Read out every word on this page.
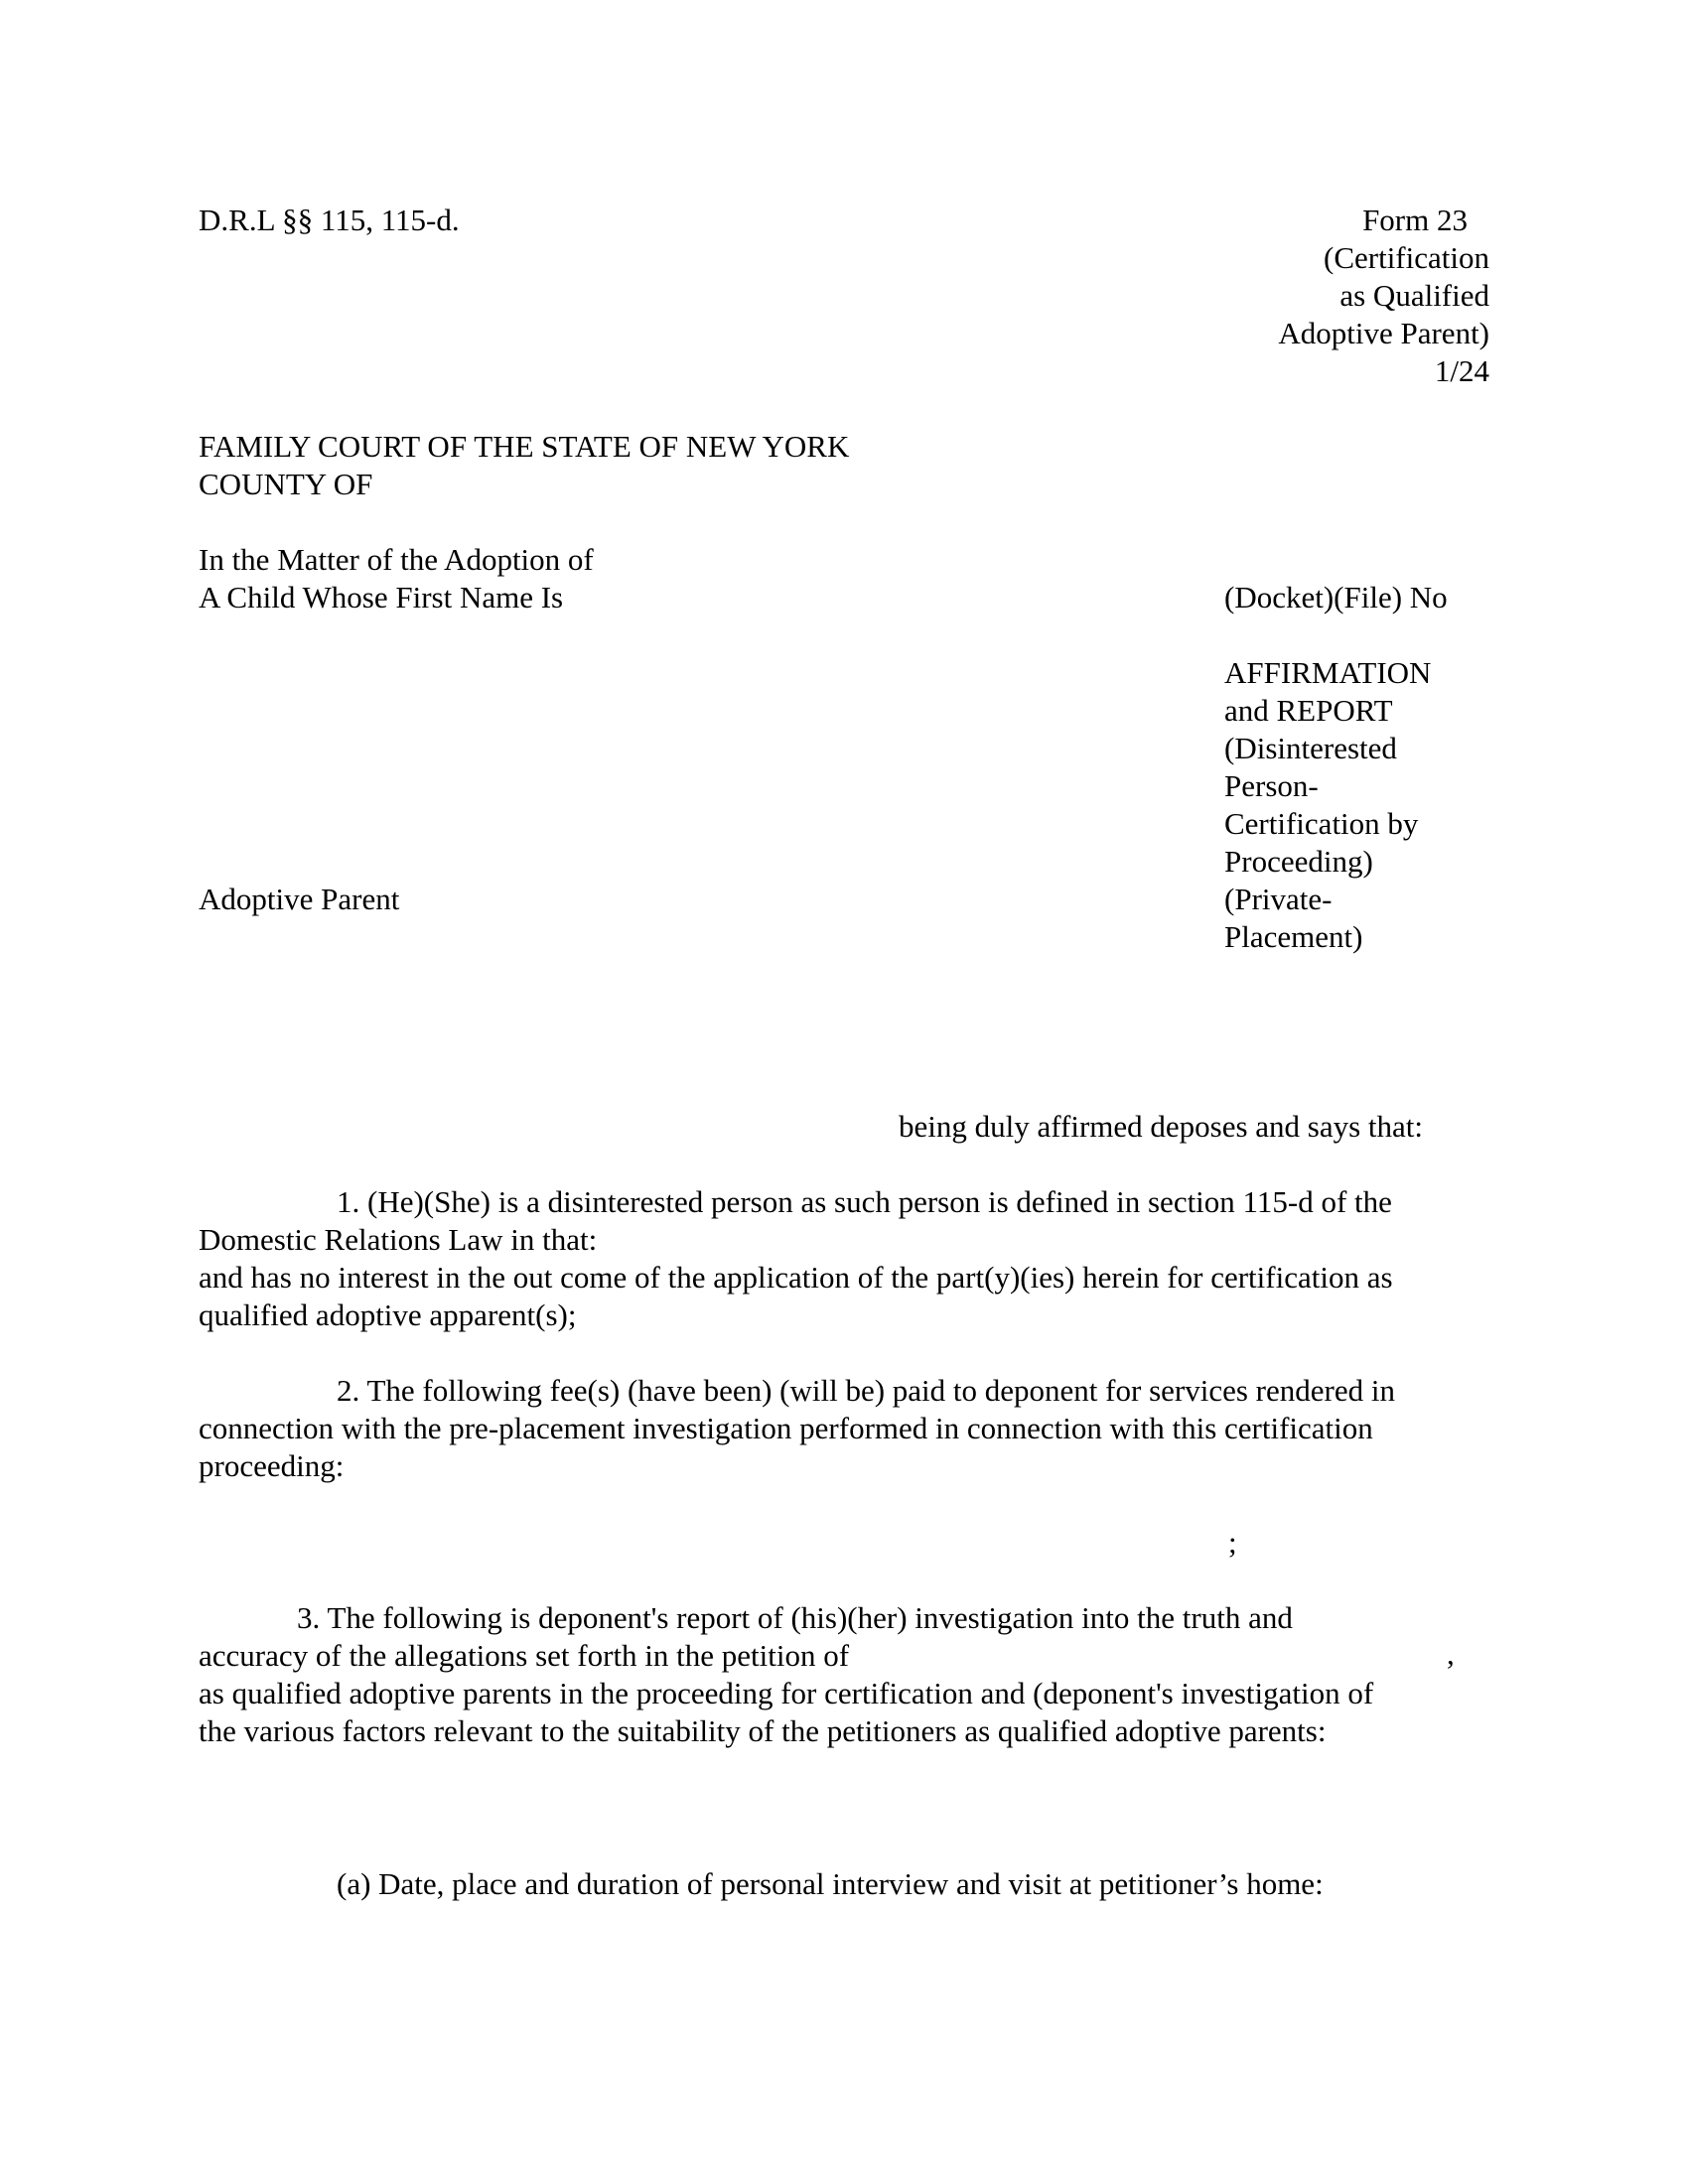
D.R.L §§ 115, 115-d.	Form 23
(Certification
as Qualified
Adoptive Parent)
1/24
FAMILY COURT OF THE STATE OF NEW YORK
COUNTY OF
In the Matter of the Adoption of
A Child Whose First Name Is	(Docket)(File) No
AFFIRMATION
and REPORT
(Disinterested
Person-
Certification by
Proceeding)
(Private-
Placement)
Adoptive Parent
being duly affirmed deposes and says that:
1. (He)(She) is a disinterested person as such person is defined in section 115-d of the
Domestic Relations Law in that:
and has no interest in the out come of the application of the part(y)(ies) herein for certification as
qualified adoptive apparent(s);
2. The following fee(s) (have been) (will be) paid to deponent for services rendered in
connection with the pre-placement investigation performed in connection with this certification
proceeding:
;
3. The following is deponent's report of (his)(her) investigation into the truth and
accuracy of the allegations set forth in the petition of
as qualified adoptive parents in the proceeding for certification and (deponent's investigation of
the various factors relevant to the suitability of the petitioners as qualified adoptive parents:
,
(a) Date, place and duration of personal interview and visit at petitioner’s home:
